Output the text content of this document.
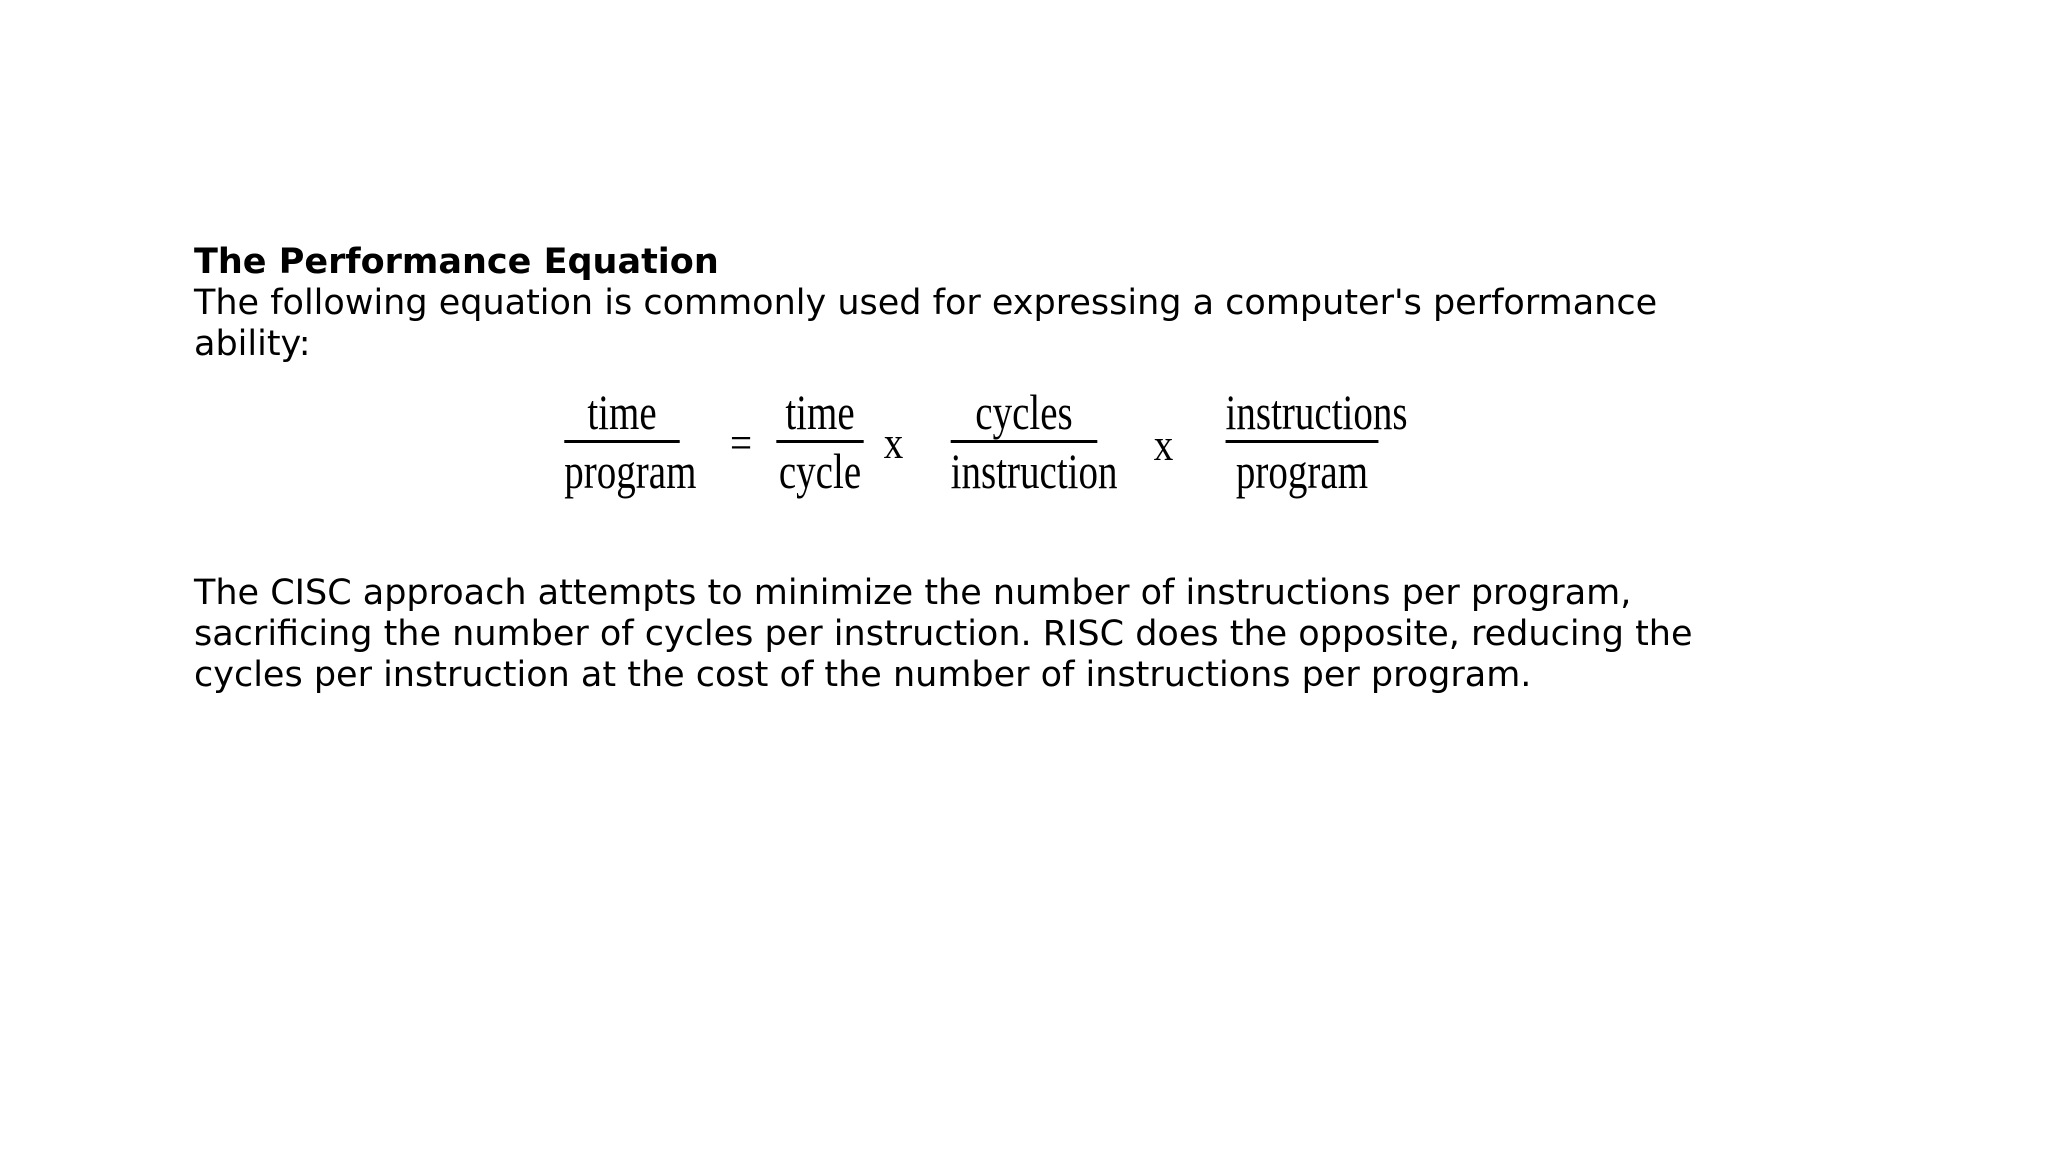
The Performance Equation
The following equation is commonly used for expressing a computer's performance ability:
time
program
=
time
cycle
x
cycles
instruction x
instructions
program
The CISC approach attempts to minimize the number of instructions per program, sacrificing the number of cycles per instruction. RISC does the opposite, reducing the cycles per instruction at the cost of the number of instructions per program.
